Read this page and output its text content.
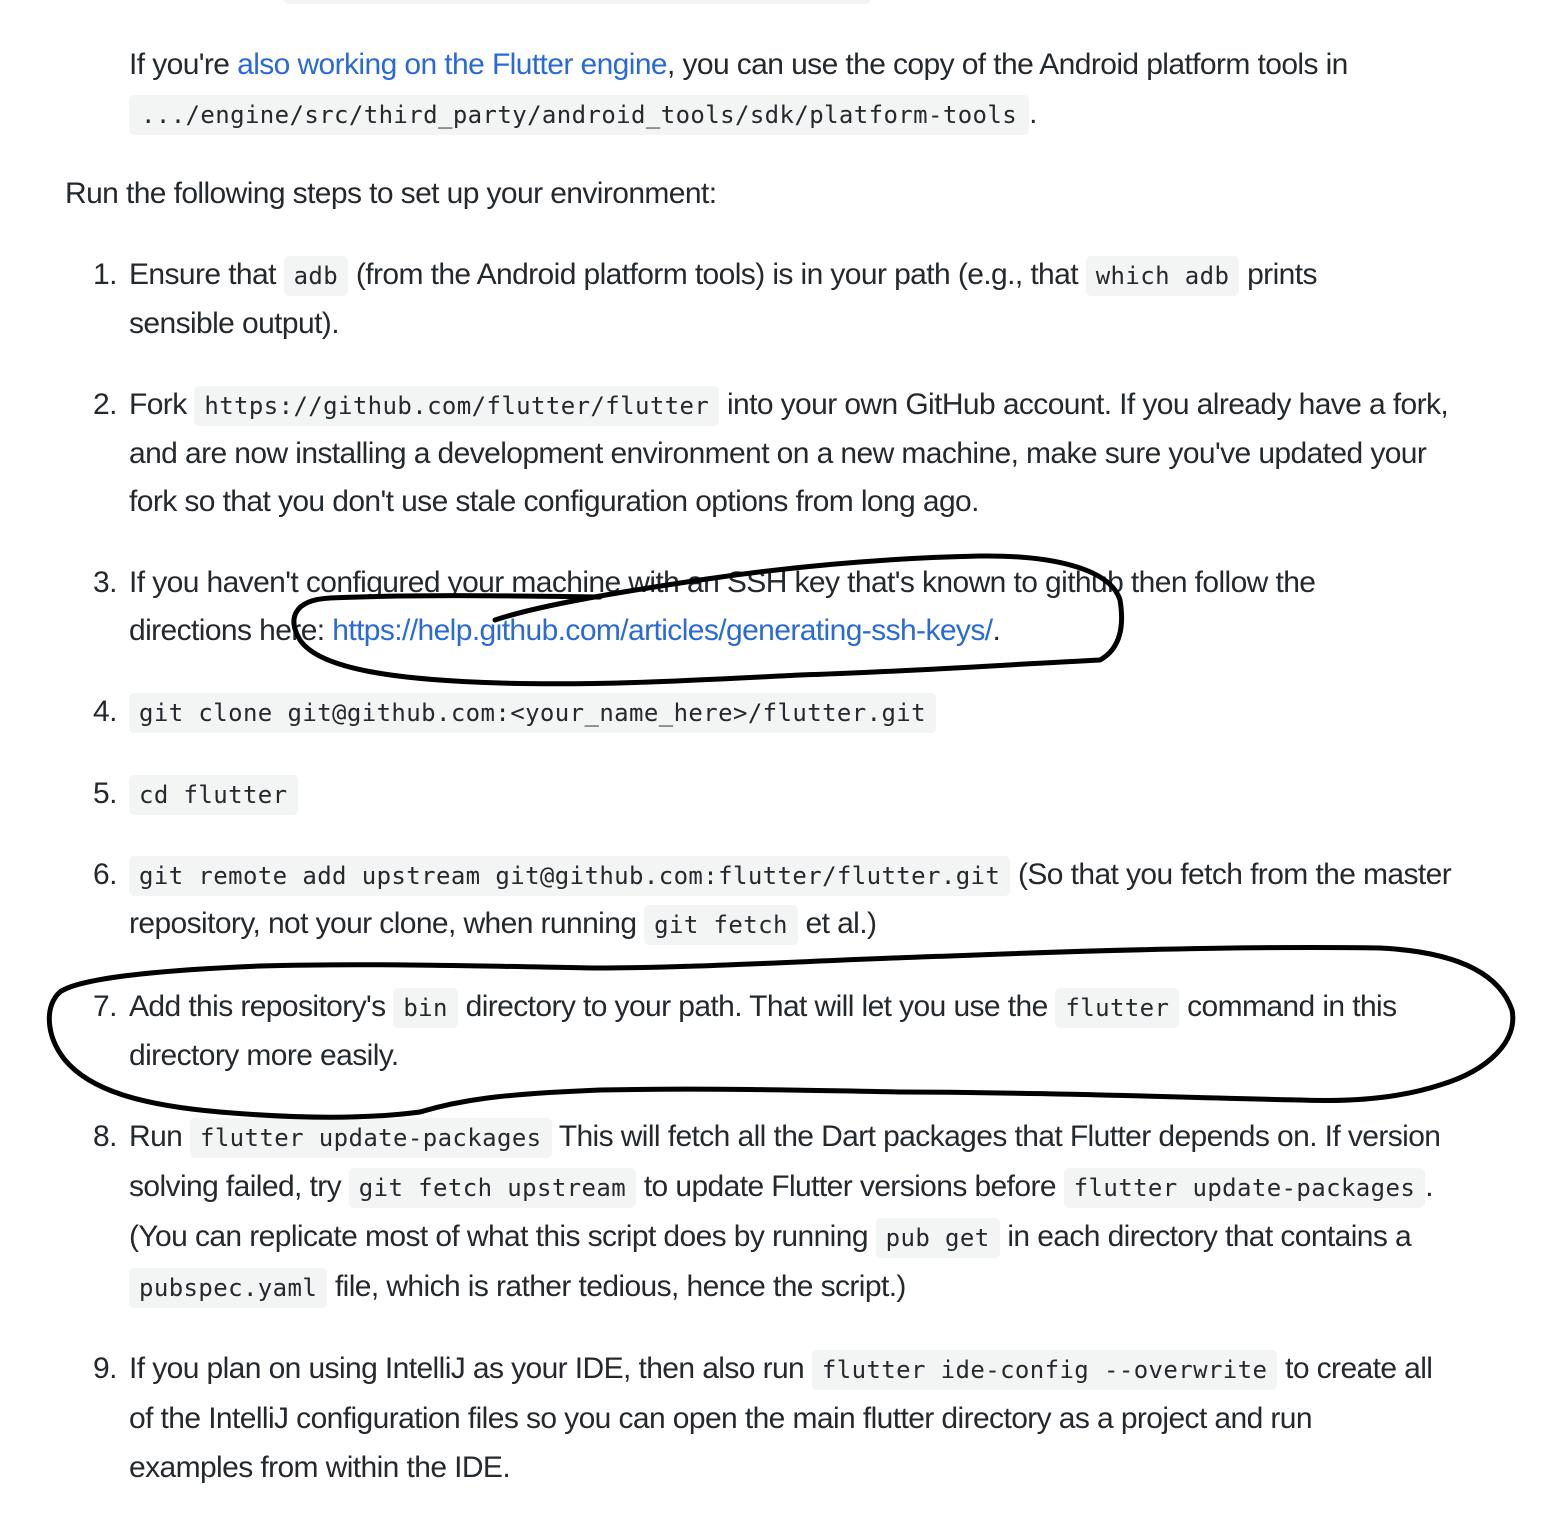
If you're also working on the Flutter engine, you can use the copy of the Android platform tools in
.../engine/src/third_party/android_tools/sdk/platform-tools .
Run the following steps to set up your environment:
1. Ensure that adb (from the Android platform tools) is in your path (e.g., that which adb prints
sensible output).
2. Fork https://github.com/flutter/flutter into your own GitHub account. If you already have a fork,
and are now installing a development environment on a new machine, make sure you've updated your
fork so that you don't use stale configuration options from long ago.
3. If you haven't configured your machine with an SSH key that's known to github then follow the
directions here: https://help.github.com/articles/generating-ssh-keys/.
4. git clone git@github.com:<your_name_here>/flutter.git
5. cd flutter
6. git remote add upstream git@github.com:flutter/flutter.git (So that you fetch from the master
repository, not your clone, when running git fetch et al.)
7. Add this repository's bin directory to your path. That will let you use the flutter command in this
directory more easily.
8. Run flutter update-packages This will fetch all the Dart packages that Flutter depends on. If version
solving failed, try git fetch upstream to update Flutter versions before flutter update-packages .
(You can replicate most of what this script does by running pub get in each directory that contains a
pubspec.yaml file, which is rather tedious, hence the script.)
9. If you plan on using IntelliJ as your IDE, then also run flutter ide-config --overwrite to create all
of the IntelliJ configuration files so you can open the main flutter directory as a project and run
examples from within the IDE.
